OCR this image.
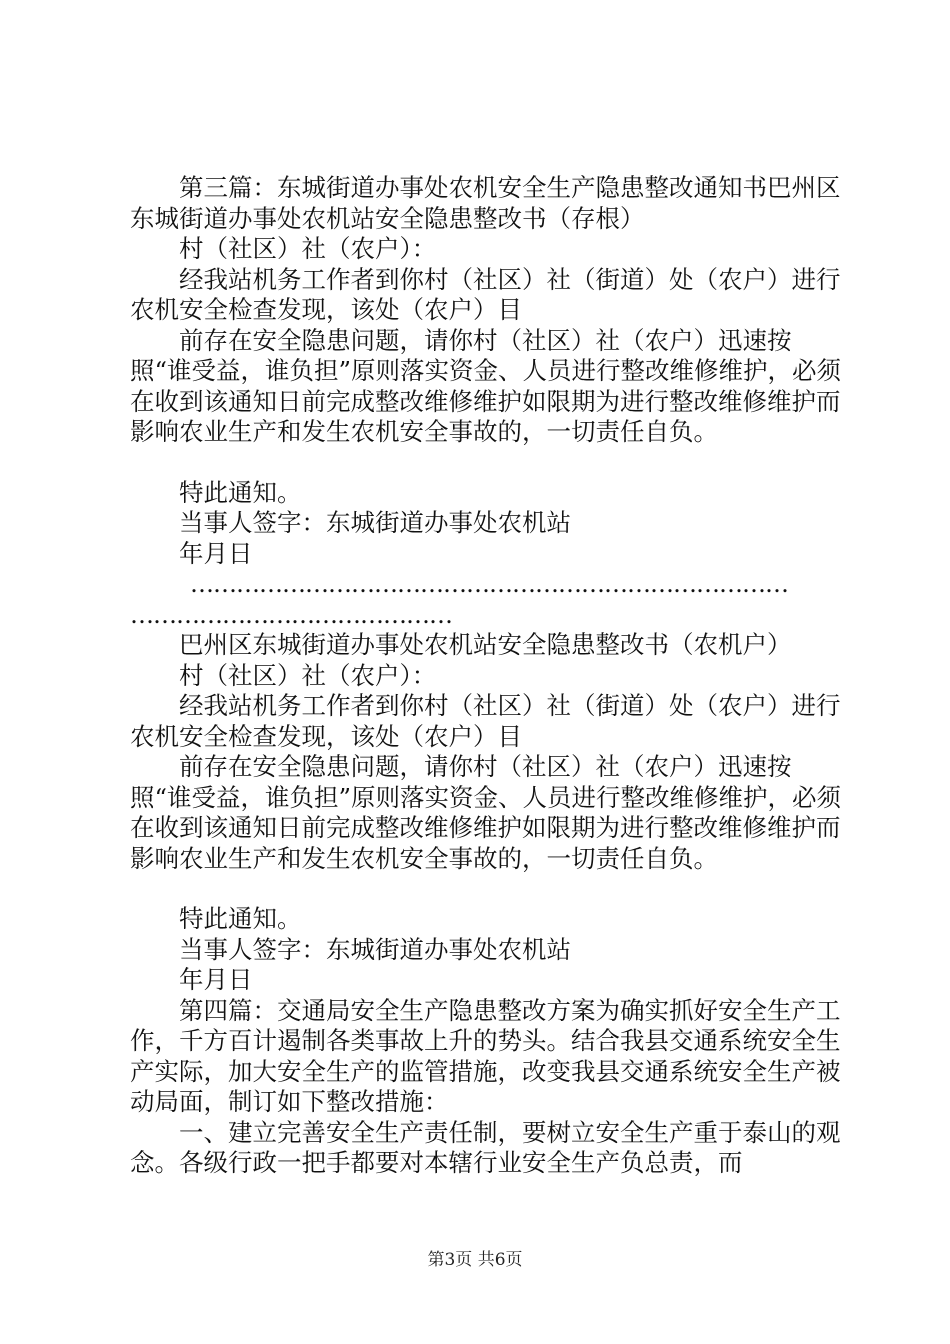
第三篇：东城街道办事处农机安全生产隐患整改通知书巴州区东城街道办事处农机站安全隐患整改书（存根）

村（社区）社（农户）：

经我站机务工作者到你村（社区）社（街道）处（农户）进行农机安全检查发现，该处（农户）目

前存在安全隐患问题，请你村（社区）社（农户）迅速按照“谁受益，谁负担”原则落实资金、人员进行整改维修维护，必须在收到该通知日前完成整改维修维护如限期为进行整改维修维护而影响农业生产和发生农机安全事故的，一切责任自负。

特此通知。

当事人签字：东城街道办事处农机站

年月日

……………………………………………………………………
……………………………………

巴州区东城街道办事处农机站安全隐患整改书（农机户）

村（社区）社（农户）：

经我站机务工作者到你村（社区）社（街道）处（农户）进行农机安全检查发现，该处（农户）目

前存在安全隐患问题，请你村（社区）社（农户）迅速按照“谁受益，谁负担”原则落实资金、人员进行整改维修维护，必须在收到该通知日前完成整改维修维护如限期为进行整改维修维护而影响农业生产和发生农机安全事故的，一切责任自负。

特此通知。

当事人签字：东城街道办事处农机站

年月日

第四篇：交通局安全生产隐患整改方案为确实抓好安全生产工作，千方百计遏制各类事故上升的势头。结合我县交通系统安全生产实际，加大安全生产的监管措施，改变我县交通系统安全生产被动局面，制订如下整改措施：

一、建立完善安全生产责任制，要树立安全生产重于泰山的观念。各级行政一把手都要对本辖行业安全生产负总责，而

第3页 共6页
